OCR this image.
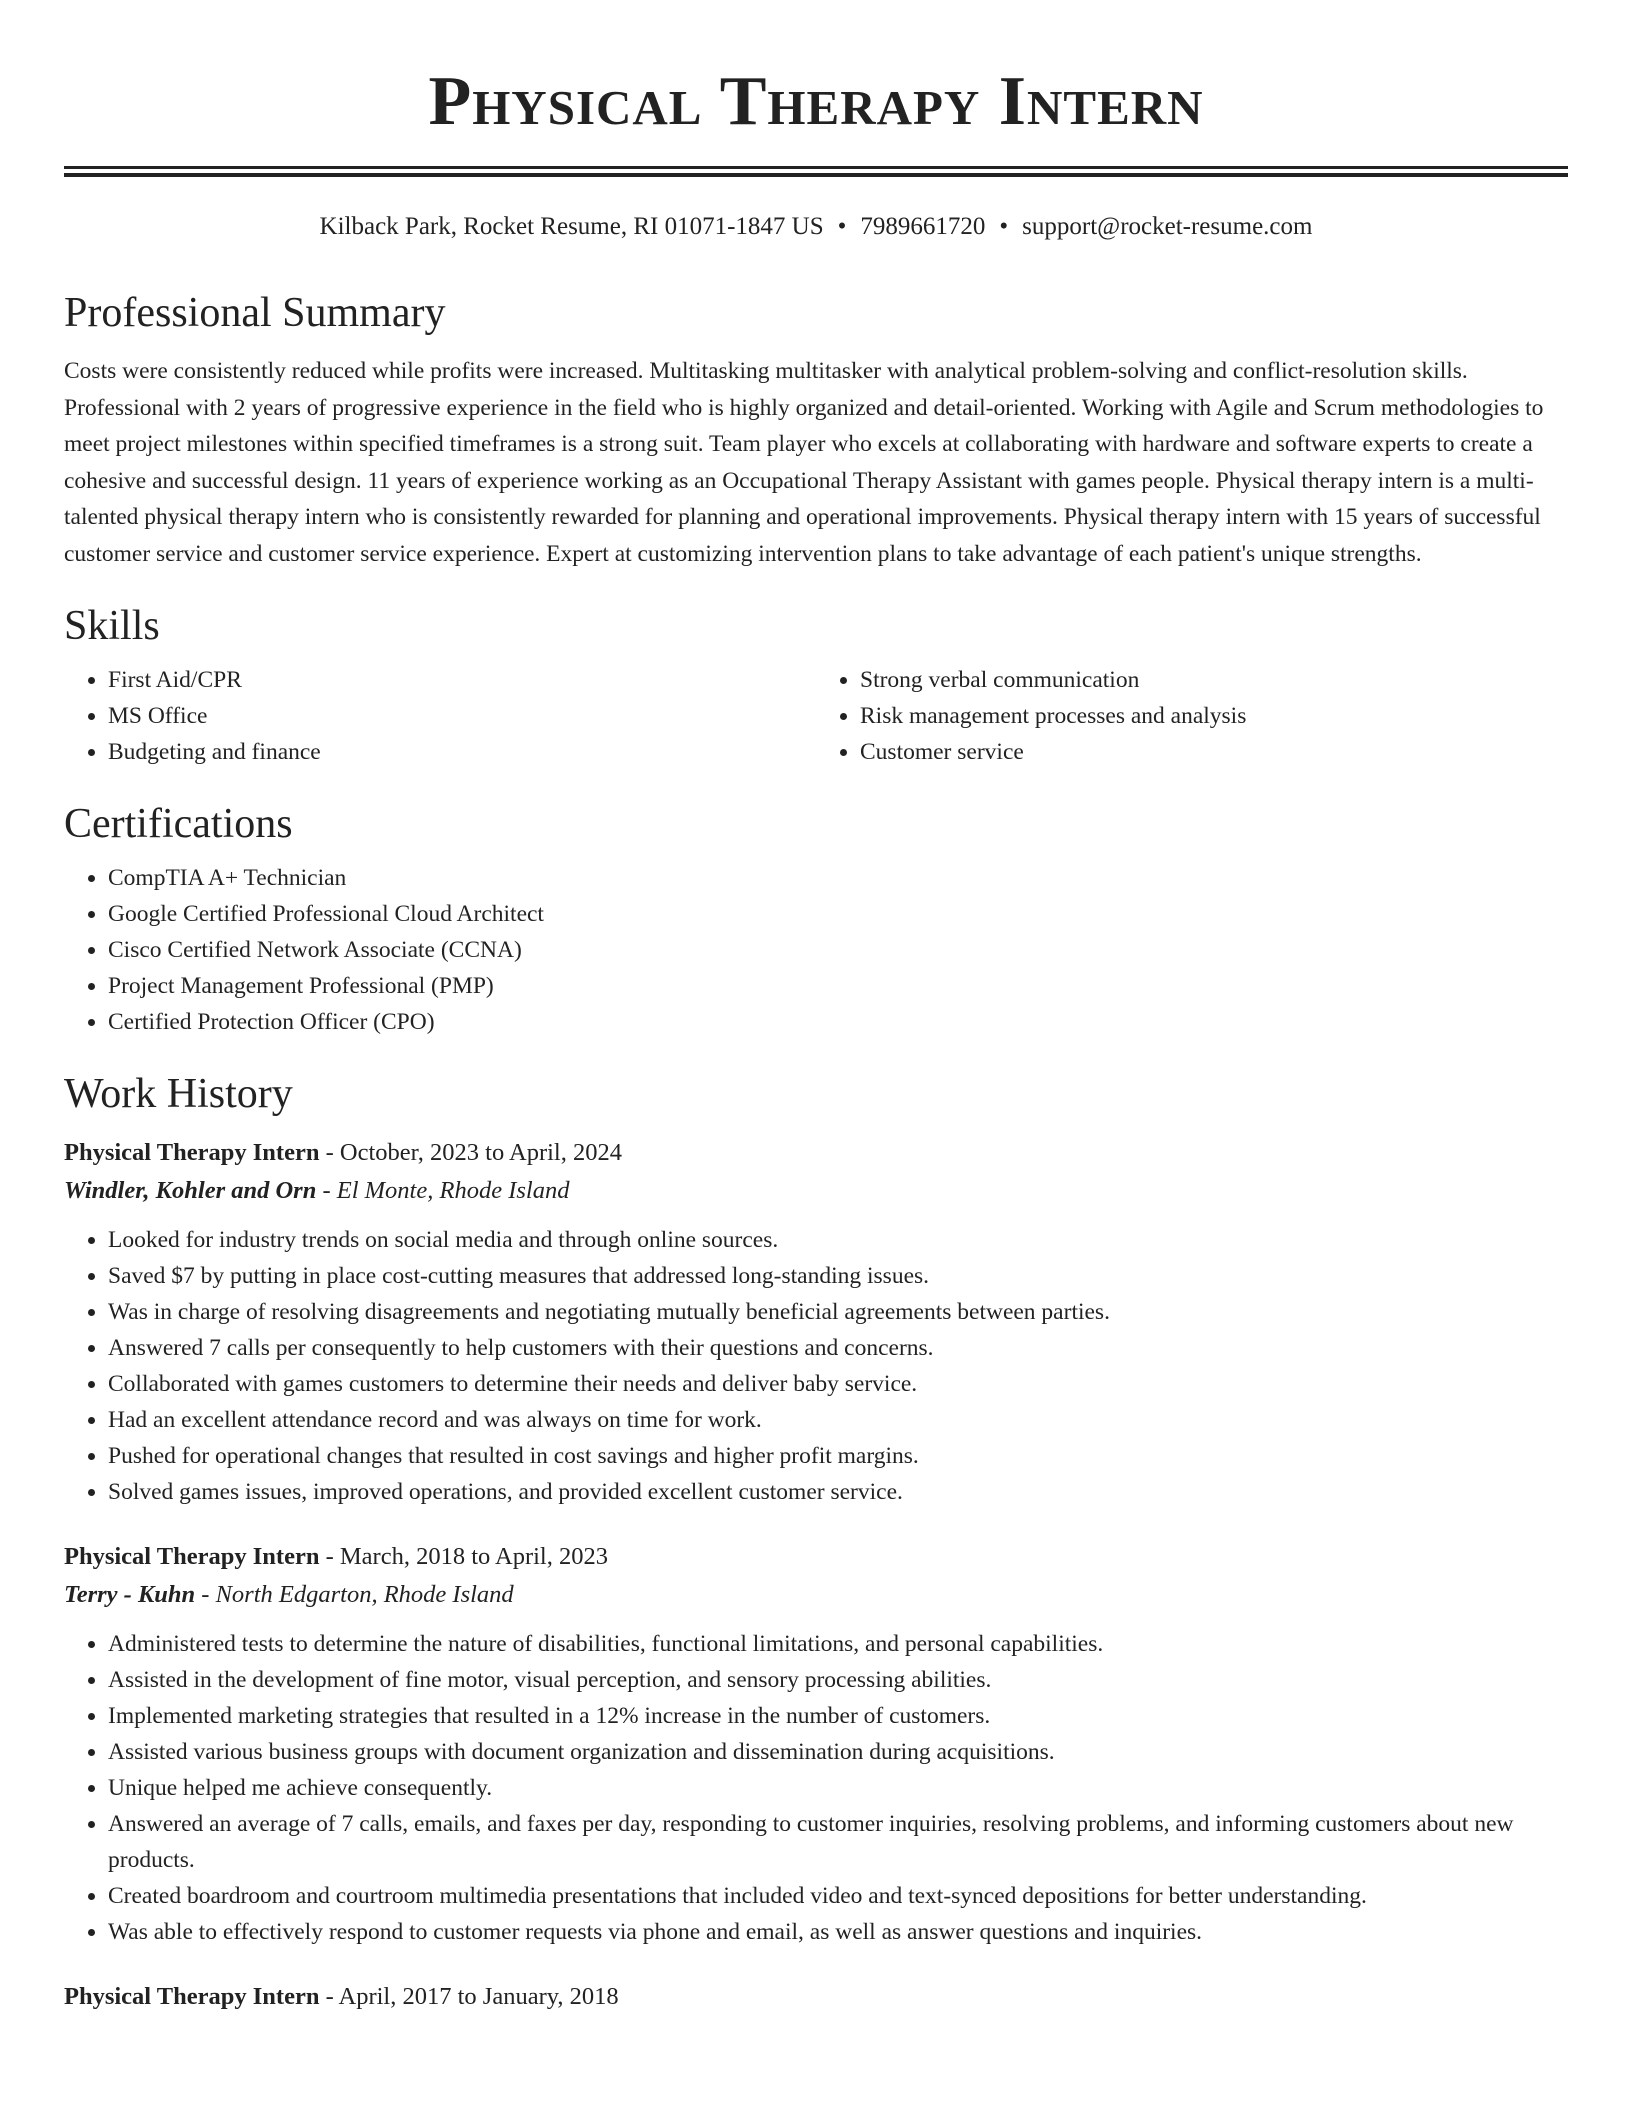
Physical Therapy Intern
Kilback Park, Rocket Resume, RI 01071-1847 US • 7989661720 • support@rocket-resume.com
Professional Summary

Costs were consistently reduced while profits were increased. Multitasking multitasker with analytical problem-solving and conflict-resolution skills. Professional with 2 years of progressive experience in the field who is highly organized and detail-oriented. Working with Agile and Scrum methodologies to meet project milestones within specified timeframes is a strong suit. Team player who excels at collaborating with hardware and software experts to create a cohesive and successful design. 11 years of experience working as an Occupational Therapy Assistant with games people. Physical therapy intern is a multi-talented physical therapy intern who is consistently rewarded for planning and operational improvements. Physical therapy intern with 15 years of successful customer service and customer service experience. Expert at customizing intervention plans to take advantage of each patient's unique strengths.

Skills
• First Aid/CPR
• MS Office
• Budgeting and finance
• Strong verbal communication
• Risk management processes and analysis
• Customer service
Certifications
• CompTIA A+ Technician
• Google Certified Professional Cloud Architect
• Cisco Certified Network Associate (CCNA)
• Project Management Professional (PMP)
• Certified Protection Officer (CPO)
Work History
Physical Therapy Intern - October, 2023 to April, 2024
Windler, Kohler and Orn - El Monte, Rhode Island
• Looked for industry trends on social media and through online sources.
• Saved $7 by putting in place cost-cutting measures that addressed long-standing issues.
• Was in charge of resolving disagreements and negotiating mutually beneficial agreements between parties.
• Answered 7 calls per consequently to help customers with their questions and concerns.
• Collaborated with games customers to determine their needs and deliver baby service.
• Had an excellent attendance record and was always on time for work.
• Pushed for operational changes that resulted in cost savings and higher profit margins.
• Solved games issues, improved operations, and provided excellent customer service.
Physical Therapy Intern - March, 2018 to April, 2023
Terry - Kuhn - North Edgarton, Rhode Island
• Administered tests to determine the nature of disabilities, functional limitations, and personal capabilities.
• Assisted in the development of fine motor, visual perception, and sensory processing abilities.
• Implemented marketing strategies that resulted in a 12% increase in the number of customers.
• Assisted various business groups with document organization and dissemination during acquisitions.
• Unique helped me achieve consequently.
• Answered an average of 7 calls, emails, and faxes per day, responding to customer inquiries, resolving problems, and informing customers about new products.
• Created boardroom and courtroom multimedia presentations that included video and text-synced depositions for better understanding.
• Was able to effectively respond to customer requests via phone and email, as well as answer questions and inquiries.
Physical Therapy Intern - April, 2017 to January, 2018
